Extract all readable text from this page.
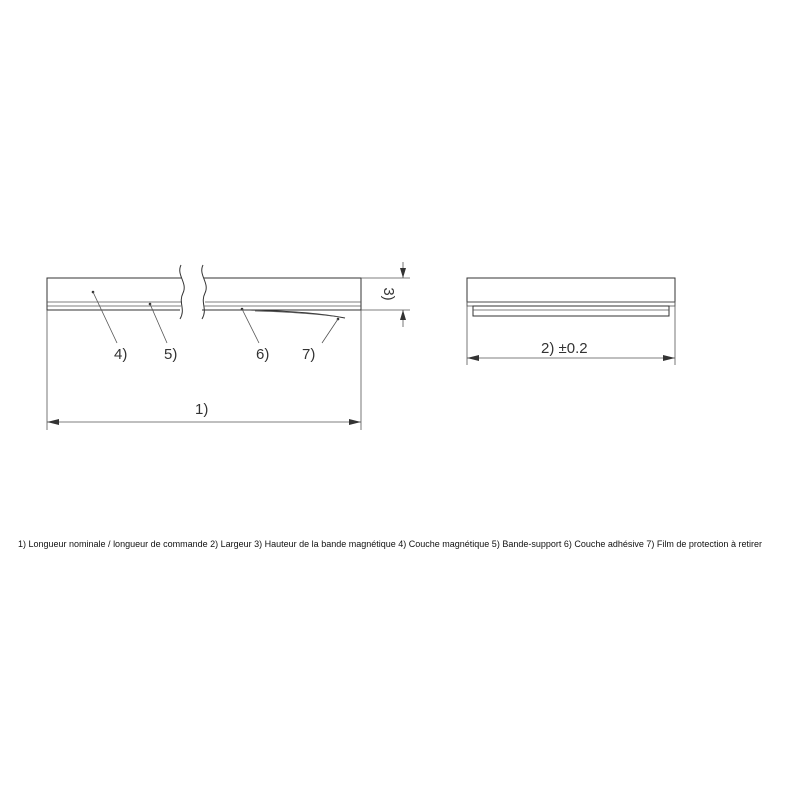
3)
4) 5)	6) 7)
1)
2) ±0.2
1) Longueur nominale / longueur de commande 2) Largeur 3) Hauteur de la bande magnétique 4) Couche magnétique 5) Bande-support 6) Couche adhésive 7) Film de protection à retirer
